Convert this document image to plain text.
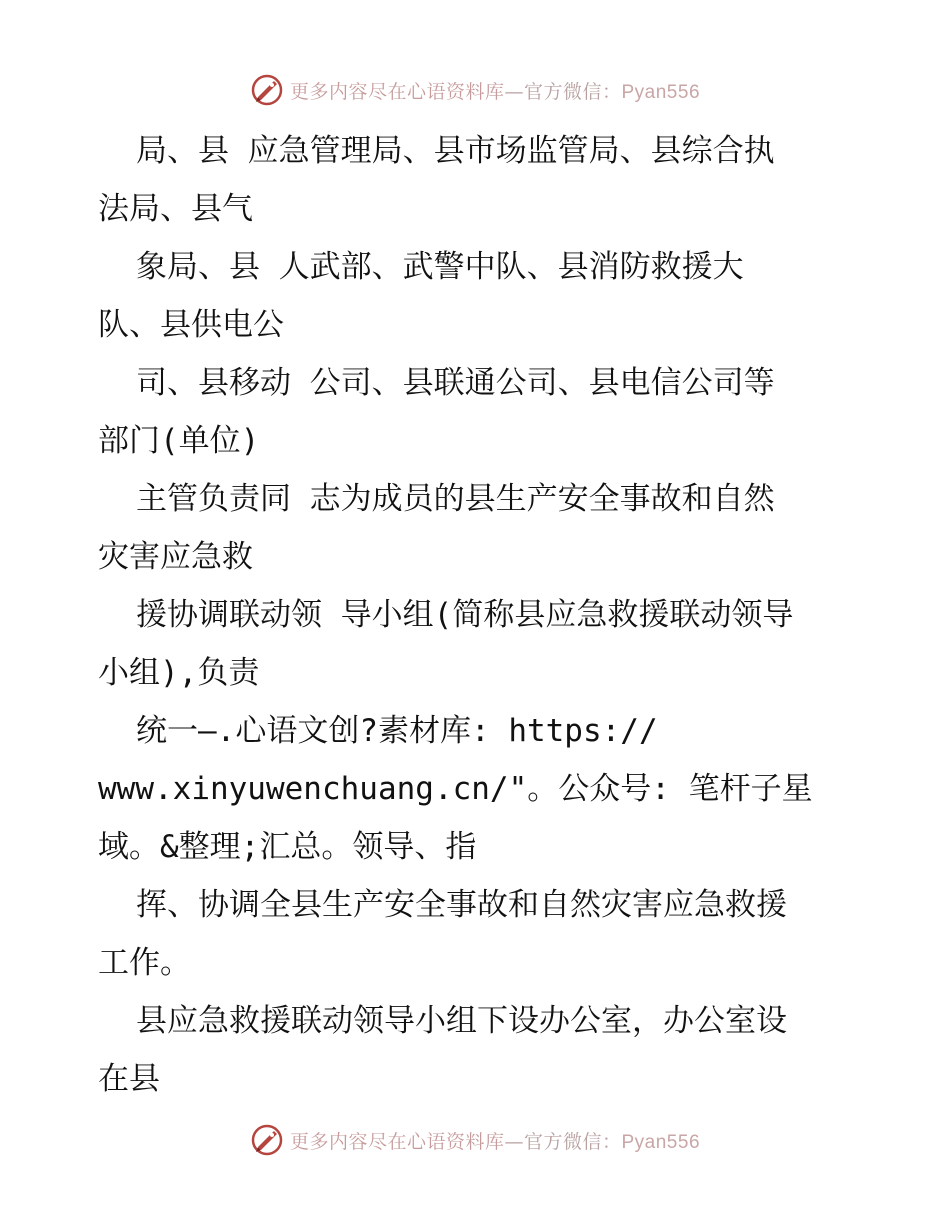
更多内容尽在心语资料库—官方微信：Pyan556
局、县 应急管理局、县市场监管局、县综合执
法局、县气
象局、县 人武部、武警中队、县消防救援大
队、县供电公
司、县移动 公司、县联通公司、县电信公司等
部门(单位)
主管负责同 志为成员的县生产安全事故和自然
灾害应急救
援协调联动领 导小组(简称县应急救援联动领导
小组),负责
统一—.心语文创?素材库: https://
www.xinyuwenchuang.cn/"。公众号: 笔杆子星
域。&整理;汇总。领导、指
挥、协调全县生产安全事故和自然灾害应急救援
工作。
县应急救援联动领导小组下设办公室，办公室设
在县
更多内容尽在心语资料库—官方微信：Pyan556
